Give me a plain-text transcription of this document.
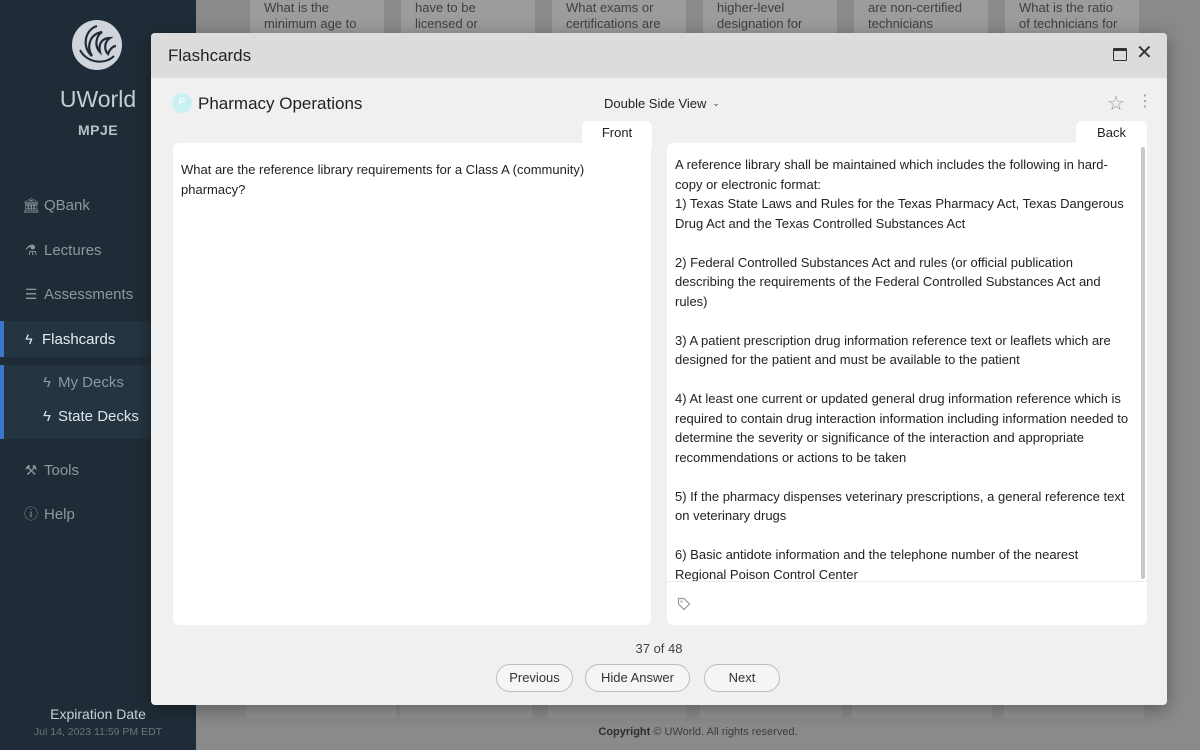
UWorld
MPJE
🏛︎ QBank
⚗ Lectures
☰ Assessments
ϟ Flashcards
ϟ My Decks
ϟ State Decks
⚒ Tools
ⓘ Help
Expiration Date
Jul 14, 2023 11:59 PM EDT
What is the minimum age to
have to be licensed or
What exams or certifications are
higher-level designation for
are non-certified technicians
What is the ratio of technicians for
Copyright © UWorld. All rights reserved.
Flashcards	✕
P Pharmacy Operations	Double Side View ⌄	☆ ⋮
Front	Back
What are the reference library requirements for a Class A (community) pharmacy?

A reference library shall be maintained which includes the following in hard-copy or electronic format:
1) Texas State Laws and Rules for the Texas Pharmacy Act, Texas Dangerous Drug Act and the Texas Controlled Substances Act

2) Federal Controlled Substances Act and rules (or official publication describing the requirements of the Federal Controlled Substances Act and rules)

3) A patient prescription drug information reference text or leaflets which are designed for the patient and must be available to the patient

4) At least one current or updated general drug information reference which is required to contain drug interaction information including information needed to determine the severity or significance of the interaction and appropriate recommendations or actions to be taken

5) If the pharmacy dispenses veterinary prescriptions, a general reference text on veterinary drugs

6) Basic antidote information and the telephone number of the nearest Regional Poison Control Center

37 of 48
Previous	Hide Answer	Next
